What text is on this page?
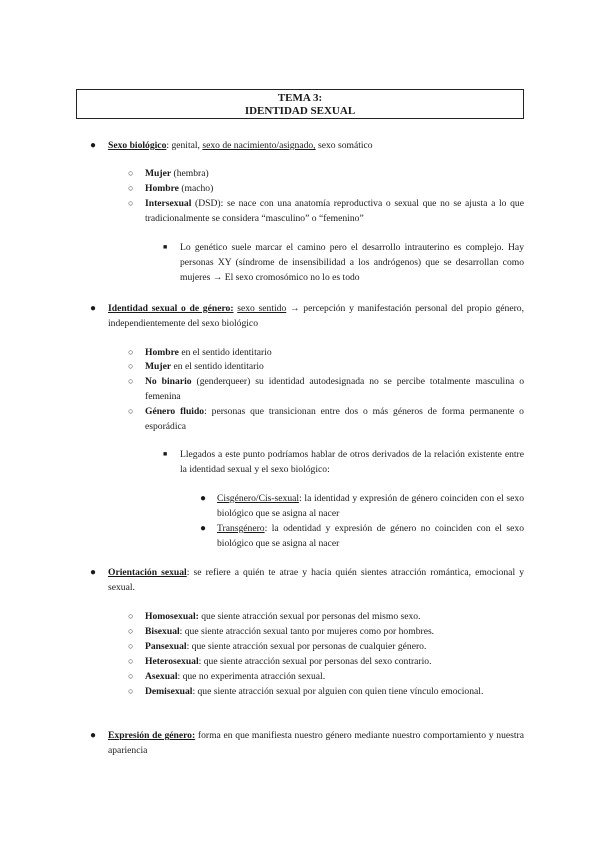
TEMA 3:
IDENTIDAD SEXUAL
● Sexo biológico: genital, sexo de nacimiento/asignado, sexo somático
○ Mujer (hembra)
○ Hombre (macho)
○ Intersexual (DSD): se nace con una anatomía reproductiva o sexual que no se ajusta a lo que tradicionalmente se considera “masculino” o “femenino”
■ Lo genético suele marcar el camino pero el desarrollo intrauterino es complejo. Hay personas XY (síndrome de insensibilidad a los andrógenos) que se desarrollan como mujeres → El sexo cromosómico no lo es todo
● Identidad sexual o de género: sexo sentido → percepción y manifestación personal del propio género, independientemente del sexo biológico
○ Hombre en el sentido identitario
○ Mujer en el sentido identitario
○ No binario (genderqueer) su identidad autodesignada no se percibe totalmente masculina o femenina
○ Género fluido: personas que transicionan entre dos o más géneros de forma permanente o esporádica
■ Llegados a este punto podríamos hablar de otros derivados de la relación existente entre la identidad sexual y el sexo biológico:
● Cisgénero/Cis-sexual: la identidad y expresión de género coinciden con el sexo biológico que se asigna al nacer
● Transgénero: la odentidad y expresión de género no coinciden con el sexo biológico que se asigna al nacer
● Orientación sexual: se refiere a quién te atrae y hacia quién sientes atracción romántica, emocional y sexual.
○ Homosexual: que siente atracción sexual por personas del mismo sexo.
○ Bisexual: que siente atracción sexual tanto por mujeres como por hombres.
○ Pansexual: que siente atracción sexual por personas de cualquier género.
○ Heterosexual: que siente atracción sexual por personas del sexo contrario.
○ Asexual: que no experimenta atracción sexual.
○ Demisexual: que siente atracción sexual por alguien con quien tiene vínculo emocional.
● Expresión de género: forma en que manifiesta nuestro género mediante nuestro comportamiento y nuestra apariencia
